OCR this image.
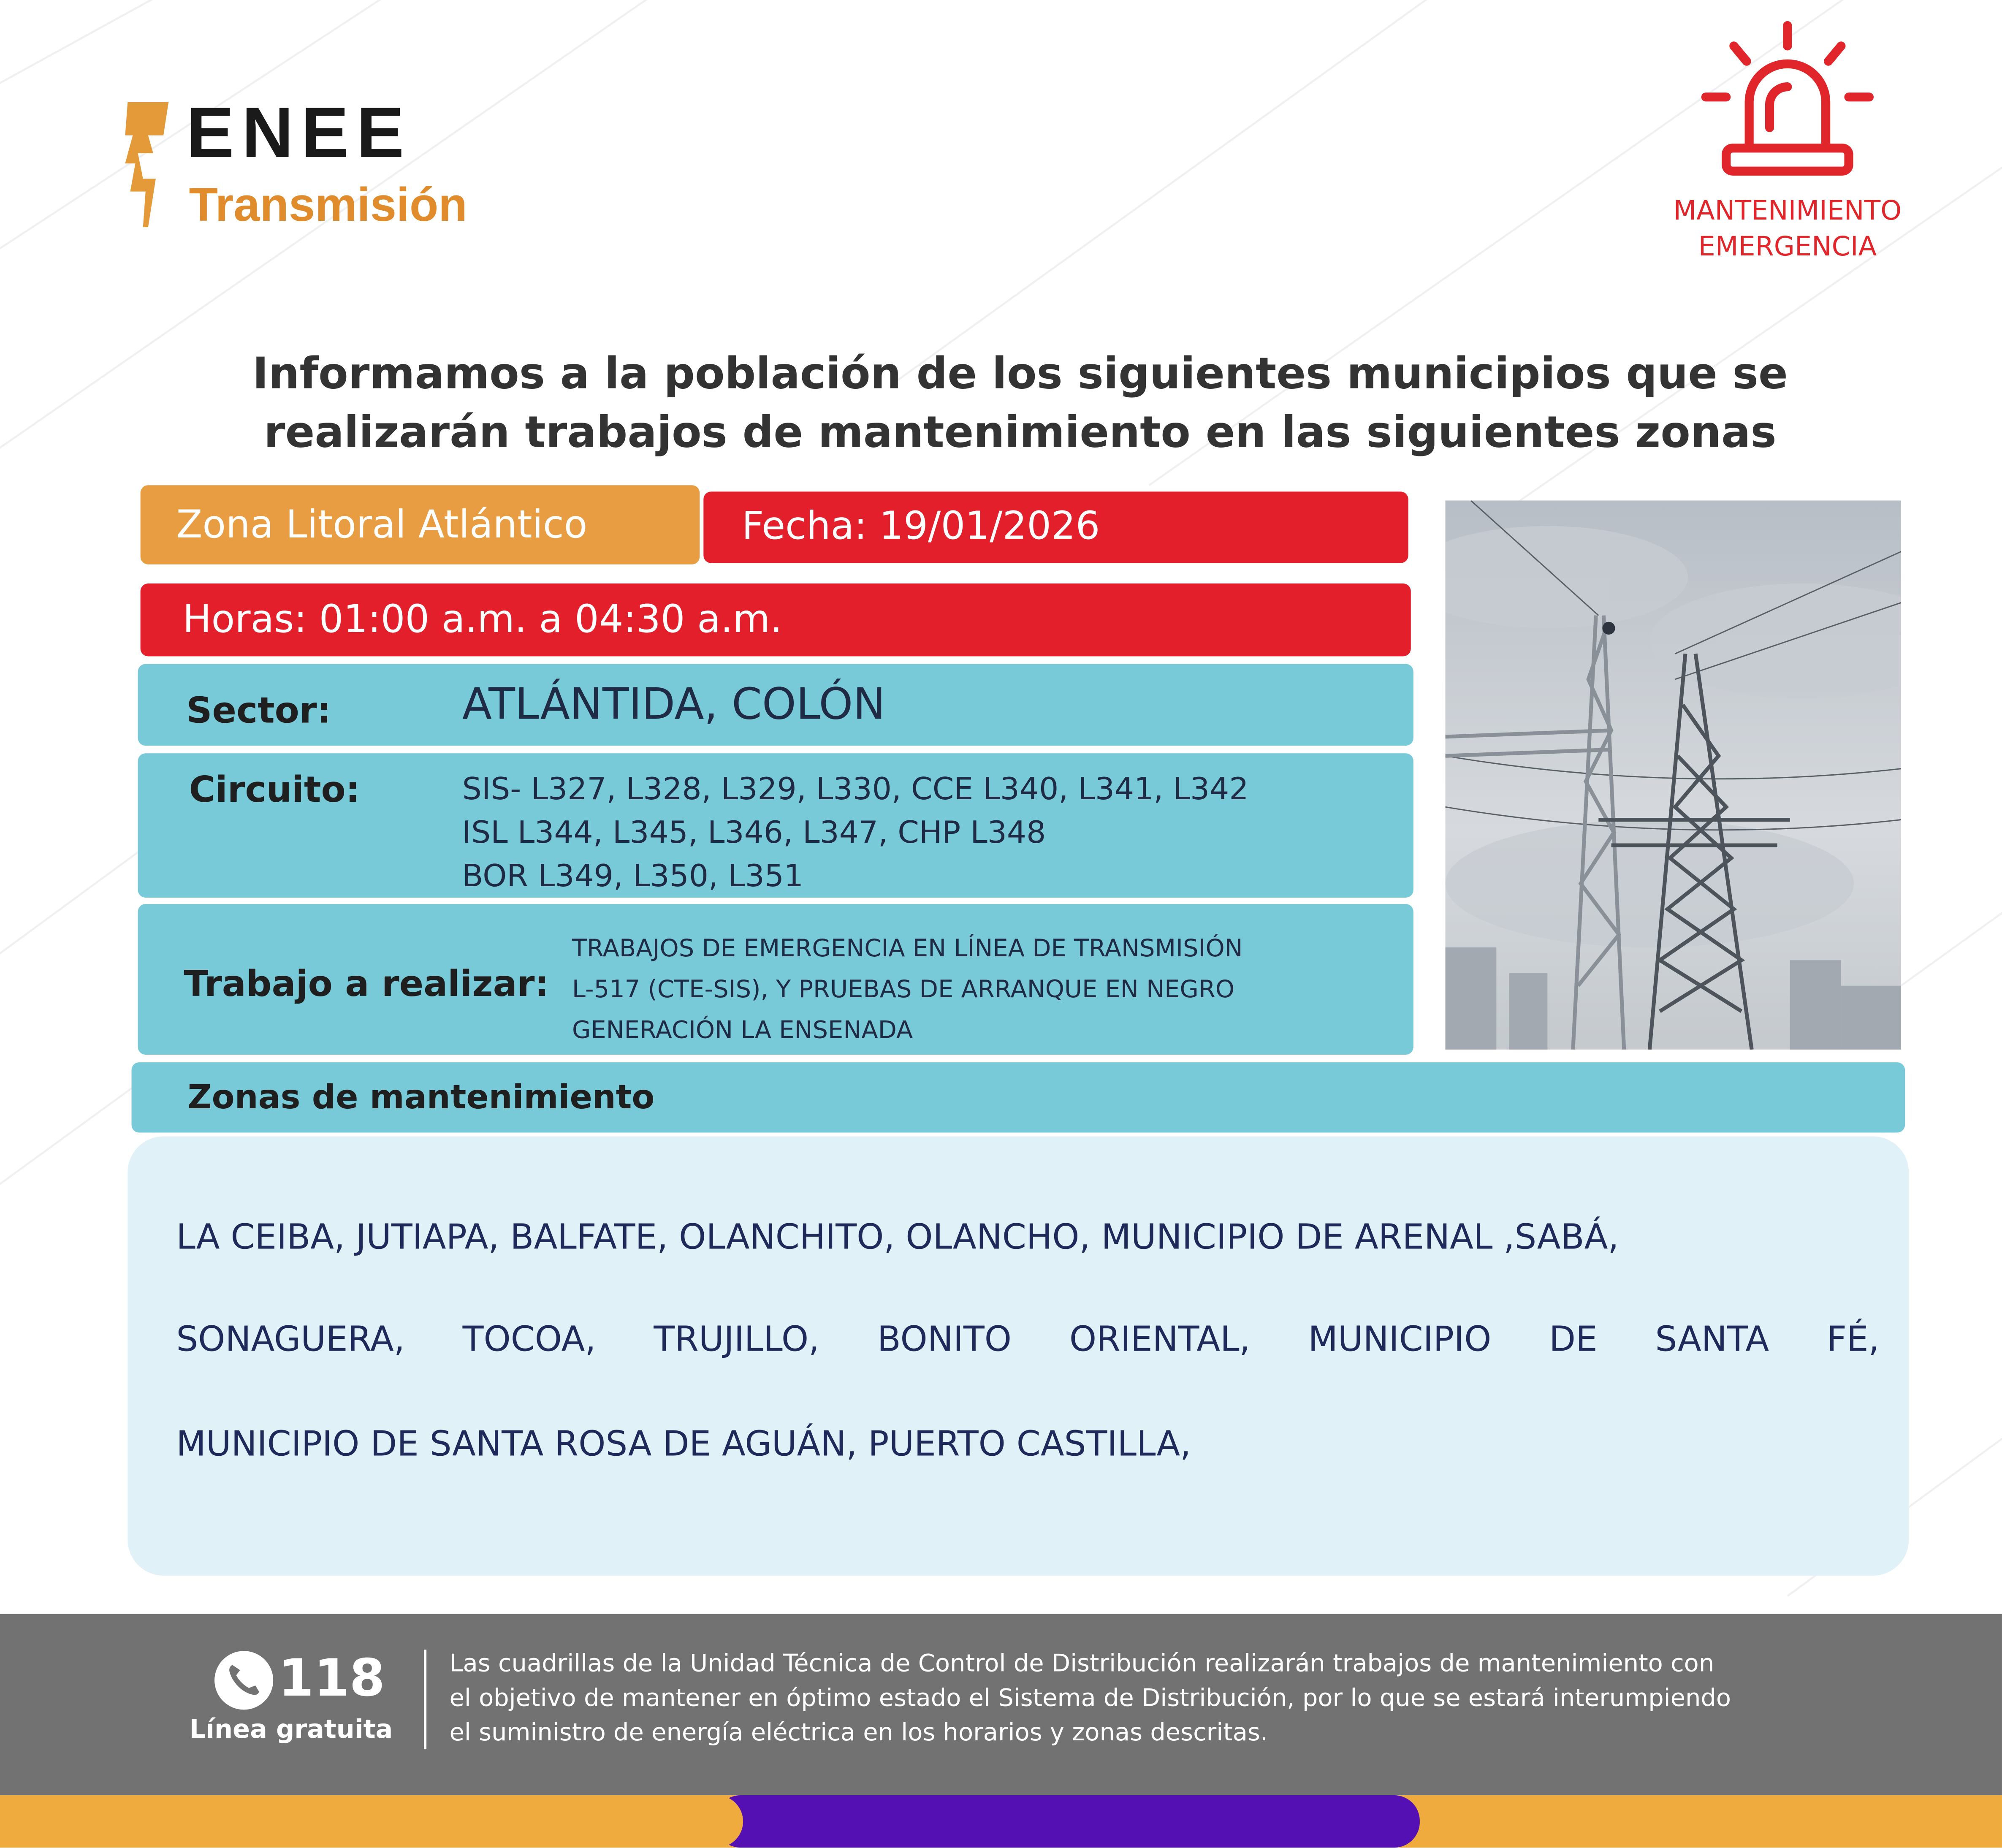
ENEE
Transmisión	MANTENIMIENTO
EMERGENCIA
Informamos a la población de los siguientes municipios que se
realizarán trabajos de mantenimiento en las siguientes zonas
Zona Litoral Atlántico	Fecha: 19/01/2026
Horas: 01:00 a.m. a 04:30 a.m.
Sector:	ATLÁNTIDA, COLÓN
Circuito:	SIS- L327, L328, L329, L330, CCE L340, L341, L342
ISL L344, L345, L346, L347, CHP L348
BOR L349, L350, L351
Trabajo a realizar:
TRABAJOS DE EMERGENCIA EN LÍNEA DE TRANSMISIÓN
L-517 (CTE-SIS), Y PRUEBAS DE ARRANQUE EN NEGRO
GENERACIÓN LA ENSENADA
Zonas de mantenimiento
LA CEIBA, JUTIAPA, BALFATE, OLANCHITO, OLANCHO, MUNICIPIO DE ARENAL ,SABÁ,
SONAGUERA,	TOCOA,	TRUJILLO,	BONITO	ORIENTAL,	MUNICIPIO	DE	SANTA	FÉ,
MUNICIPIO DE SANTA ROSA DE AGUÁN, PUERTO CASTILLA,
118
Línea gratuita
Las cuadrillas de la Unidad Técnica de Control de Distribución realizarán trabajos de mantenimiento con
el objetivo de mantener en óptimo estado el Sistema de Distribución, por lo que se estará interumpiendo
el suministro de energía eléctrica en los horarios y zonas descritas.
